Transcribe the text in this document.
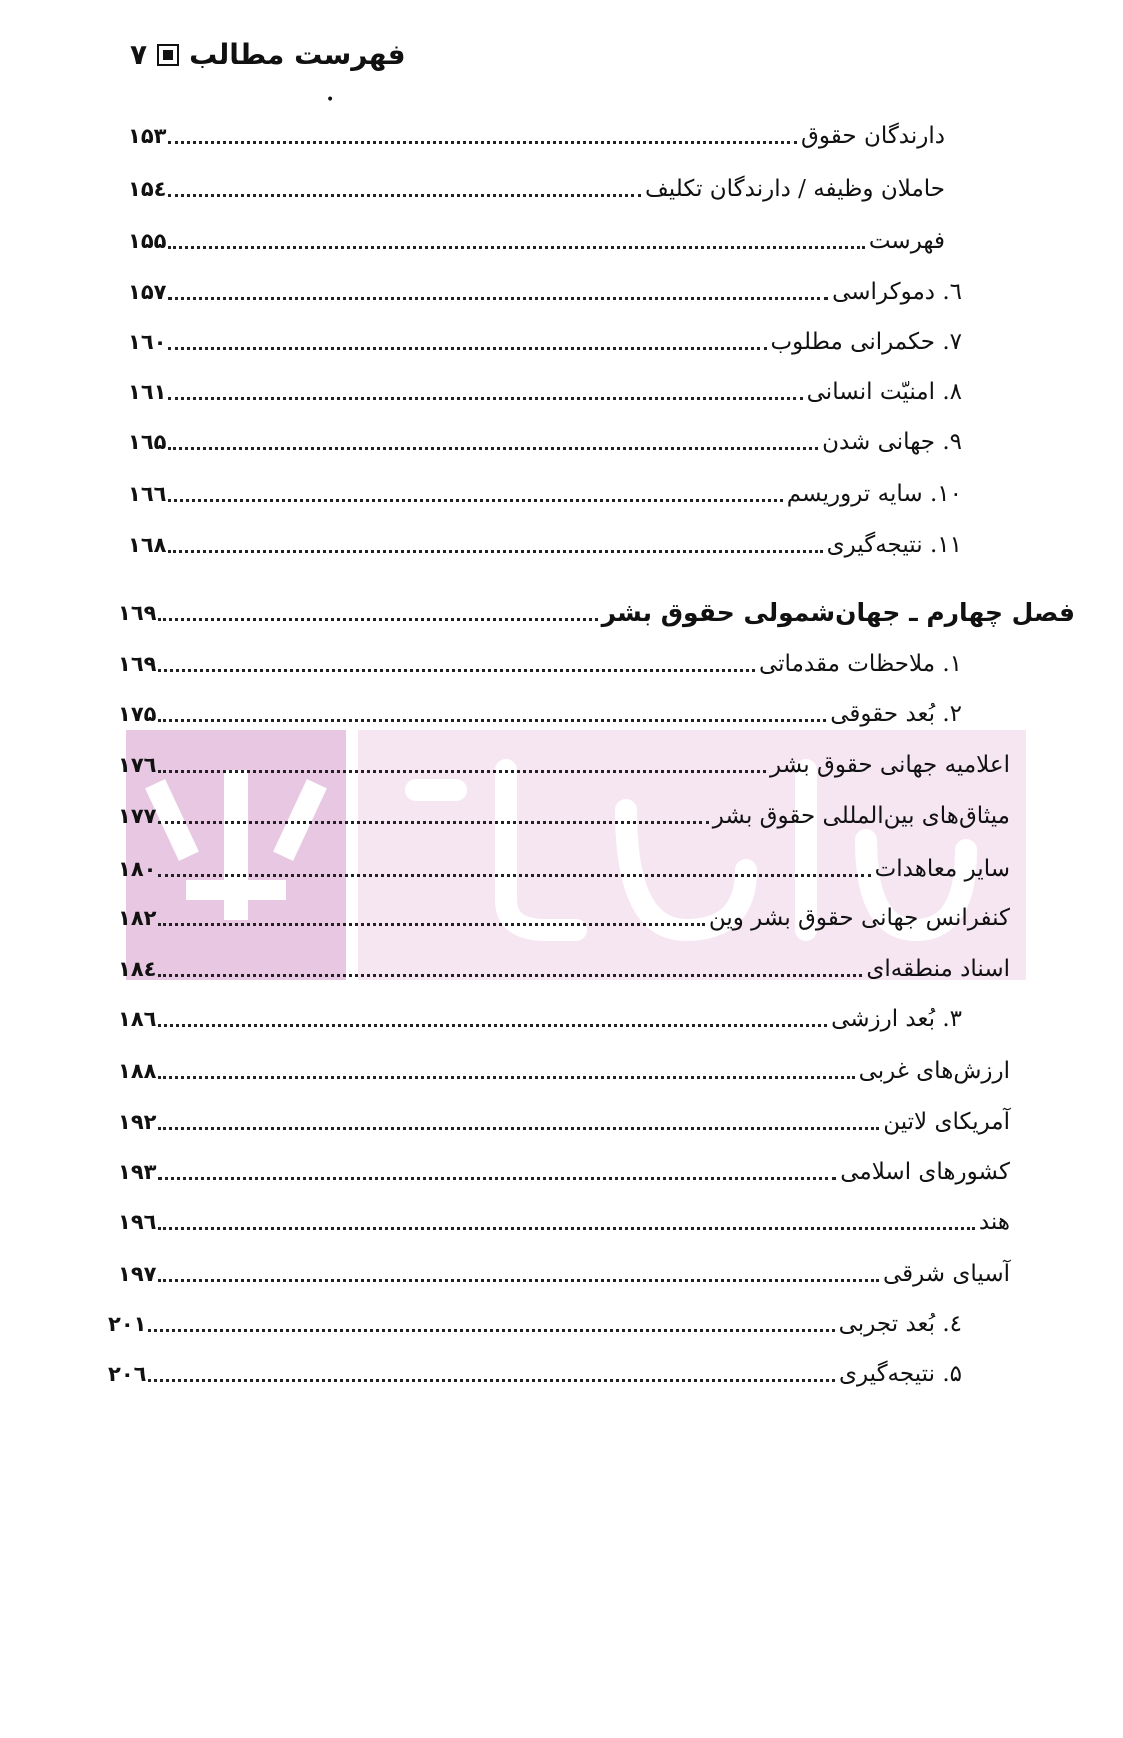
فهرست مطالب
۷
•
دارندگان حقوق
۱۵۳
حاملان وظیفه / دارندگان تکلیف
۱۵٤
فهرست
۱۵۵
٦. دموکراسی
۱۵۷
۷. حکمرانی مطلوب
۱٦۰
۸. امنیّت انسانی
۱٦۱
۹. جهانی شدن
۱٦۵
۱۰. سایه تروریسم
۱٦٦
۱۱. نتیجه‌گیری
۱٦۸
فصل چهارم ـ جهان‌شمولی حقوق بشر
۱٦۹
۱. ملاحظات مقدماتی
۱٦۹
۲. بُعد حقوقی
۱۷۵
اعلامیه جهانی حقوق بشر
۱۷٦
میثاق‌های بین‌المللی حقوق بشر
۱۷۷
سایر معاهدات
۱۸۰
کنفرانس جهانی حقوق بشر وین
۱۸۲
اسناد منطقه‌ای
۱۸٤
۳. بُعد ارزشی
۱۸٦
ارزش‌های غربی
۱۸۸
آمریکای لاتین
۱۹۲
کشورهای اسلامی
۱۹۳
هند
۱۹٦
آسیای شرقی
۱۹۷
٤. بُعد تجربی
۲۰۱
۵. نتیجه‌گیری
۲۰٦
